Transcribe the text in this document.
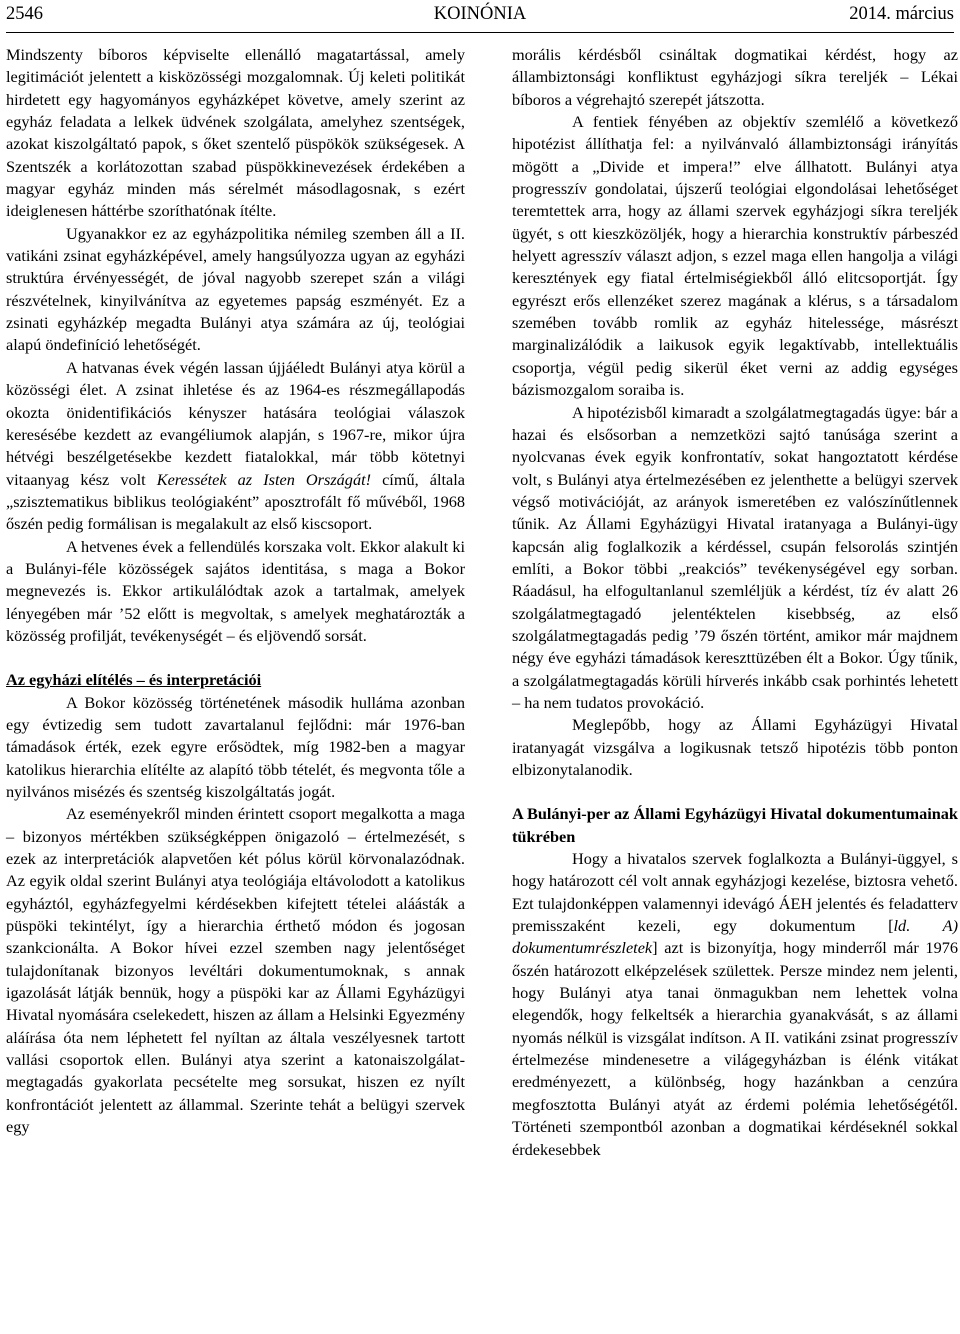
2546	KOINÓNIA	2014. március

Mindszenty bíboros képviselte ellenálló magatartással, amely legitimációt jelentett a kisközösségi mozgalomnak. Új keleti politikát hirdetett egy hagyományos egyházképet követve, amely szerint az egyház feladata a lelkek üdvének szolgálata, amelyhez szentségek, azokat kiszolgáltató papok, s őket szentelő püspökök szükségesek. A Szentszék a korlátozottan szabad püspökkinevezések érdekében a magyar egyház minden más sérelmét másodlagosnak, s ezért ideiglenesen háttérbe szoríthatónak ítélte.

Ugyanakkor ez az egyházpolitika némileg szemben áll a II. vatikáni zsinat egyházképével, amely hangsúlyozza ugyan az egyházi struktúra érvényességét, de jóval nagyobb szerepet szán a világi részvételnek, kinyilvánítva az egyetemes papság eszményét. Ez a zsinati egyházkép megadta Bulányi atya számára az új, teológiai alapú öndefiníció lehetőségét.

A hatvanas évek végén lassan újjáéledt Bulányi atya körül a közösségi élet. A zsinat ihletése és az 1964-es részmegállapodás okozta önidentifikációs kényszer hatására teológiai válaszok keresésébe kezdett az evangéliumok alapján, s 1967-re, mikor újra hétvégi beszélgetésekbe kezdett fiatalokkal, már több kötetnyi vitaanyag kész volt Keressétek az Isten Országát! című, általa „szisztematikus biblikus teológiaként” aposztrofált fő művéből, 1968 őszén pedig formálisan is megalakult az első kiscsoport.

A hetvenes évek a fellendülés korszaka volt. Ekkor alakult ki a Bulányi-féle közösségek sajátos identitása, s maga a Bokor megnevezés is. Ekkor artikulálódtak azok a tartalmak, amelyek lényegében már ’52 előtt is megvoltak, s amelyek meghatározták a közösség profilját, tevékenységét – és eljövendő sorsát.

Az egyházi elítélés – és interpretációi

A Bokor közösség történetének második hulláma azonban egy évtizedig sem tudott zavartalanul fejlődni: már 1976-ban támadások érték, ezek egyre erősödtek, míg 1982-ben a magyar katolikus hierarchia elítélte az alapító több tételét, és megvonta tőle a nyilvános misézés és szentség kiszolgáltatás jogát.

Az eseményekről minden érintett csoport megalkotta a maga – bizonyos mértékben szükségképpen önigazoló – értelmezését, s ezek az interpretációk alapvetően két pólus körül körvonalazódnak. Az egyik oldal szerint Bulányi atya teológiája eltávolodott a katolikus egyháztól, egyházfegyelmi kérdésekben kifejtett tételei aláásták a püspöki tekintélyt, így a hierarchia érthető módon és jogosan szankcionálta. A Bokor hívei ezzel szemben nagy jelentőséget tulajdonítanak bizonyos levéltári dokumentumoknak, s annak igazolását látják bennük, hogy a püspöki kar az Állami Egyházügyi Hivatal nyomására cselekedett, hiszen az állam a Helsinki Egyezmény aláírása óta nem léphetett fel nyíltan az általa veszélyesnek tartott vallási csoportok ellen. Bulányi atya szerint a katonaiszolgálat-megtagadás gyakorlata pecsételte meg sorsukat, hiszen ez nyílt konfrontációt jelentett az állammal. Szerinte tehát a belügyi szervek egy

morális kérdésből csináltak dogmatikai kérdést, hogy az állambiztonsági konfliktust egyházjogi síkra tereljék – Lékai bíboros a végrehajtó szerepét játszotta.

A fentiek fényében az objektív szemlélő a következő hipotézist állíthatja fel: a nyilvánvaló állambiztonsági irányítás mögött a „Divide et impera!” elve állhatott. Bulányi atya progresszív gondolatai, újszerű teológiai elgondolásai lehetőséget teremtettek arra, hogy az állami szervek egyházjogi síkra tereljék ügyét, s ott kieszközöljék, hogy a hierarchia konstruktív párbeszéd helyett agresszív választ adjon, s ezzel maga ellen hangolja a világi keresztények egy fiatal értelmiségiekből álló elitcsoportját. Így egyrészt erős ellenzéket szerez magának a klérus, s a társadalom szemében tovább romlik az egyház hitelessége, másrészt marginalizálódik a laikusok egyik legaktívabb, intellektuális csoportja, végül pedig sikerül éket verni az addig egységes bázismozgalom soraiba is.

A hipotézisből kimaradt a szolgálatmegtagadás ügye: bár a hazai és elsősorban a nemzetközi sajtó tanúsága szerint a nyolcvanas évek egyik konfrontatív, sokat hangoztatott kérdése volt, s Bulányi atya értelmezésében ez jelenthette a belügyi szervek végső motivációját, az arányok ismeretében ez valószínűtlennek tűnik. Az Állami Egyházügyi Hivatal iratanyaga a Bulányi-ügy kapcsán alig foglalkozik a kérdéssel, csupán felsorolás szintjén említi, a Bokor többi „reakciós” tevékenységével egy sorban. Ráadásul, ha elfogultanlanul szemléljük a kérdést, tíz év alatt 26 szolgálatmegtagadó jelentéktelen kisebbség, az első szolgálatmegtagadás pedig ’79 őszén történt, amikor már majdnem négy éve egyházi támadások kereszttüzében élt a Bokor. Úgy tűnik, a szolgálatmegtagadás körüli hírverés inkább csak porhintés lehetett – ha nem tudatos provokáció.

Meglepőbb, hogy az Állami Egyházügyi Hivatal iratanyagát vizsgálva a logikusnak tetsző hipotézis több ponton elbizonytalanodik.

A Bulányi-per az Állami Egyházügyi Hivatal dokumentumainak tükrében

Hogy a hivatalos szervek foglalkozta a Bulányi-üggyel, s hogy határozott cél volt annak egyházjogi kezelése, biztosra vehető. Ezt tulajdonképpen valamennyi idevágó ÁEH jelentés és feladatterv premisszaként kezeli, egy dokumentum [ld. A) dokumentumrészletek] azt is bizonyítja, hogy minderről már 1976 őszén határozott elképzelések születtek. Persze mindez nem jelenti, hogy Bulányi atya tanai önmagukban nem lehettek volna elegendők, hogy felkeltsék a hierarchia gyanakvását, s az állami nyomás nélkül is vizsgálat indítson. A II. vatikáni zsinat progresszív értelmezése mindenesetre a világegyházban is élénk vitákat eredményezett, a különbség, hogy hazánkban a cenzúra megfosztotta Bulányi atyát az érdemi polémia lehetőségétől. Történeti szempontból azonban a dogmatikai kérdéseknél sokkal érdekesebbek
